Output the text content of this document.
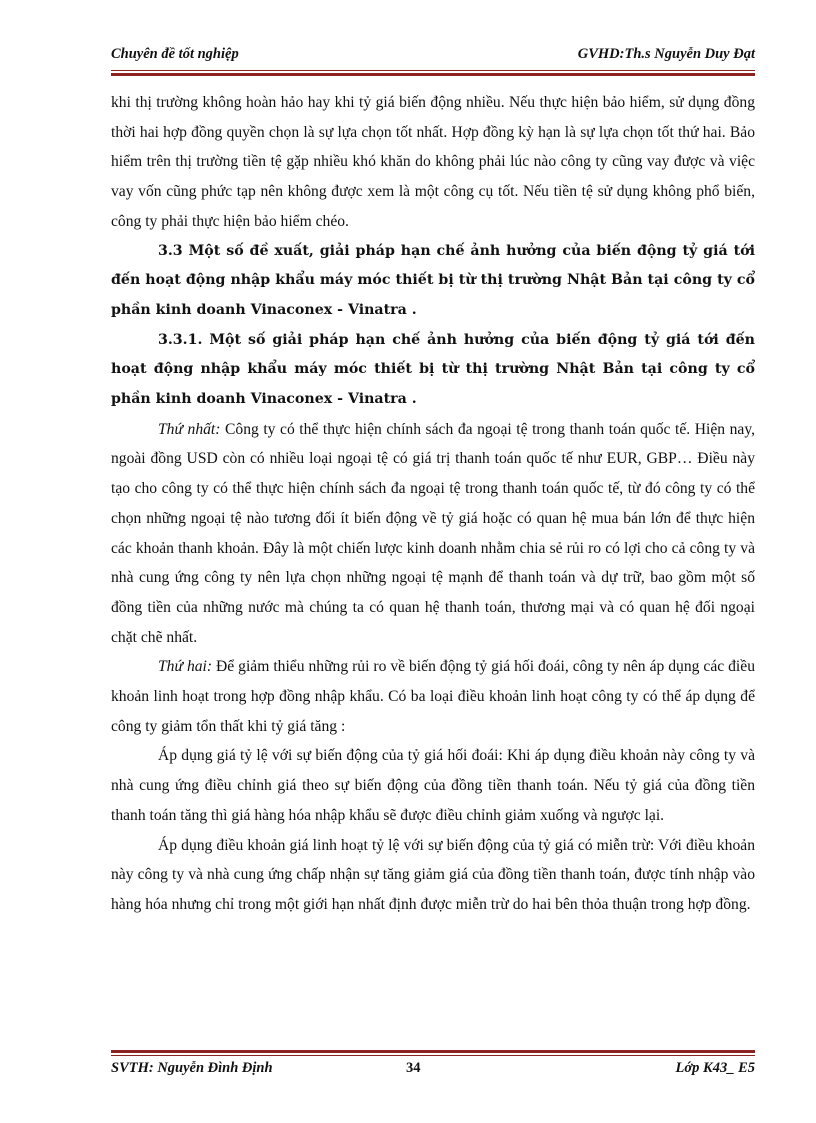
Chuyên đề tốt nghiệp	GVHD:Th.s Nguyễn Duy Đạt

khi thị trường không hoàn hảo hay khi tỷ giá biến động nhiều. Nếu thực hiện bảo hiểm, sử dụng đồng thời hai hợp đồng quyền chọn là sự lựa chọn tốt nhất. Hợp đồng kỳ hạn là sự lựa chọn tốt thứ hai. Bảo hiểm trên thị trường tiền tệ gặp nhiều khó khăn do không phải lúc nào công ty cũng vay được và việc vay vốn cũng phức tạp nên không được xem là một công cụ tốt. Nếu tiền tệ sử dụng không phổ biến, công ty phải thực hiện bảo hiểm chéo.

3.3 Một số đề xuất, giải pháp hạn chế ảnh hưởng của biến động tỷ giá tới đến hoạt động nhập khẩu máy móc thiết bị từ thị trường Nhật Bản tại công ty cổ phần kinh doanh Vinaconex - Vinatra .

3.3.1. Một số giải pháp hạn chế ảnh hưởng của biến động tỷ giá tới đến hoạt động nhập khẩu máy móc thiết bị từ thị trường Nhật Bản tại công ty cổ phần kinh doanh Vinaconex - Vinatra .

Thứ nhất: Công ty có thể thực hiện chính sách đa ngoại tệ trong thanh toán quốc tế. Hiện nay, ngoài đồng USD còn có nhiều loại ngoại tệ có giá trị thanh toán quốc tế như EUR, GBP… Điều này tạo cho công ty có thể thực hiện chính sách đa ngoại tệ trong thanh toán quốc tế, từ đó công ty có thể chọn những ngoại tệ nào tương đối ít biến động về tỷ giá hoặc có quan hệ mua bán lớn để thực hiện các khoản thanh khoản. Đây là một chiến lược kinh doanh nhằm chia sẻ rủi ro có lợi cho cả công ty và nhà cung ứng công ty nên lựa chọn những ngoại tệ mạnh để thanh toán và dự trữ, bao gồm một số đồng tiền của những nước mà chúng ta có quan hệ thanh toán, thương mại và có quan hệ đối ngoại chặt chẽ nhất.

Thứ hai: Để giảm thiểu những rủi ro về biến động tỷ giá hối đoái, công ty nên áp dụng các điều khoản linh hoạt trong hợp đồng nhập khẩu. Có ba loại điều khoản linh hoạt công ty có thể áp dụng để công ty giảm tổn thất khi tỷ giá tăng :

Áp dụng giá tỷ lệ với sự biến động của tỷ giá hối đoái: Khi áp dụng điều khoản này công ty và nhà cung ứng điều chỉnh giá theo sự biến động của đồng tiền thanh toán. Nếu tỷ giá của đồng tiền thanh toán tăng thì giá hàng hóa nhập khẩu sẽ được điều chỉnh giảm xuống và ngược lại.

Áp dụng điều khoản giá linh hoạt tỷ lệ với sự biến động của tỷ giá có miễn trừ: Với điều khoản này công ty và nhà cung ứng chấp nhận sự tăng giảm giá của đồng tiền thanh toán, được tính nhập vào hàng hóa nhưng chỉ trong một giới hạn nhất định được miễn trừ do hai bên thỏa thuận trong hợp đồng.

SVTH: Nguyễn Đình Định	34	Lớp K43_ E5
